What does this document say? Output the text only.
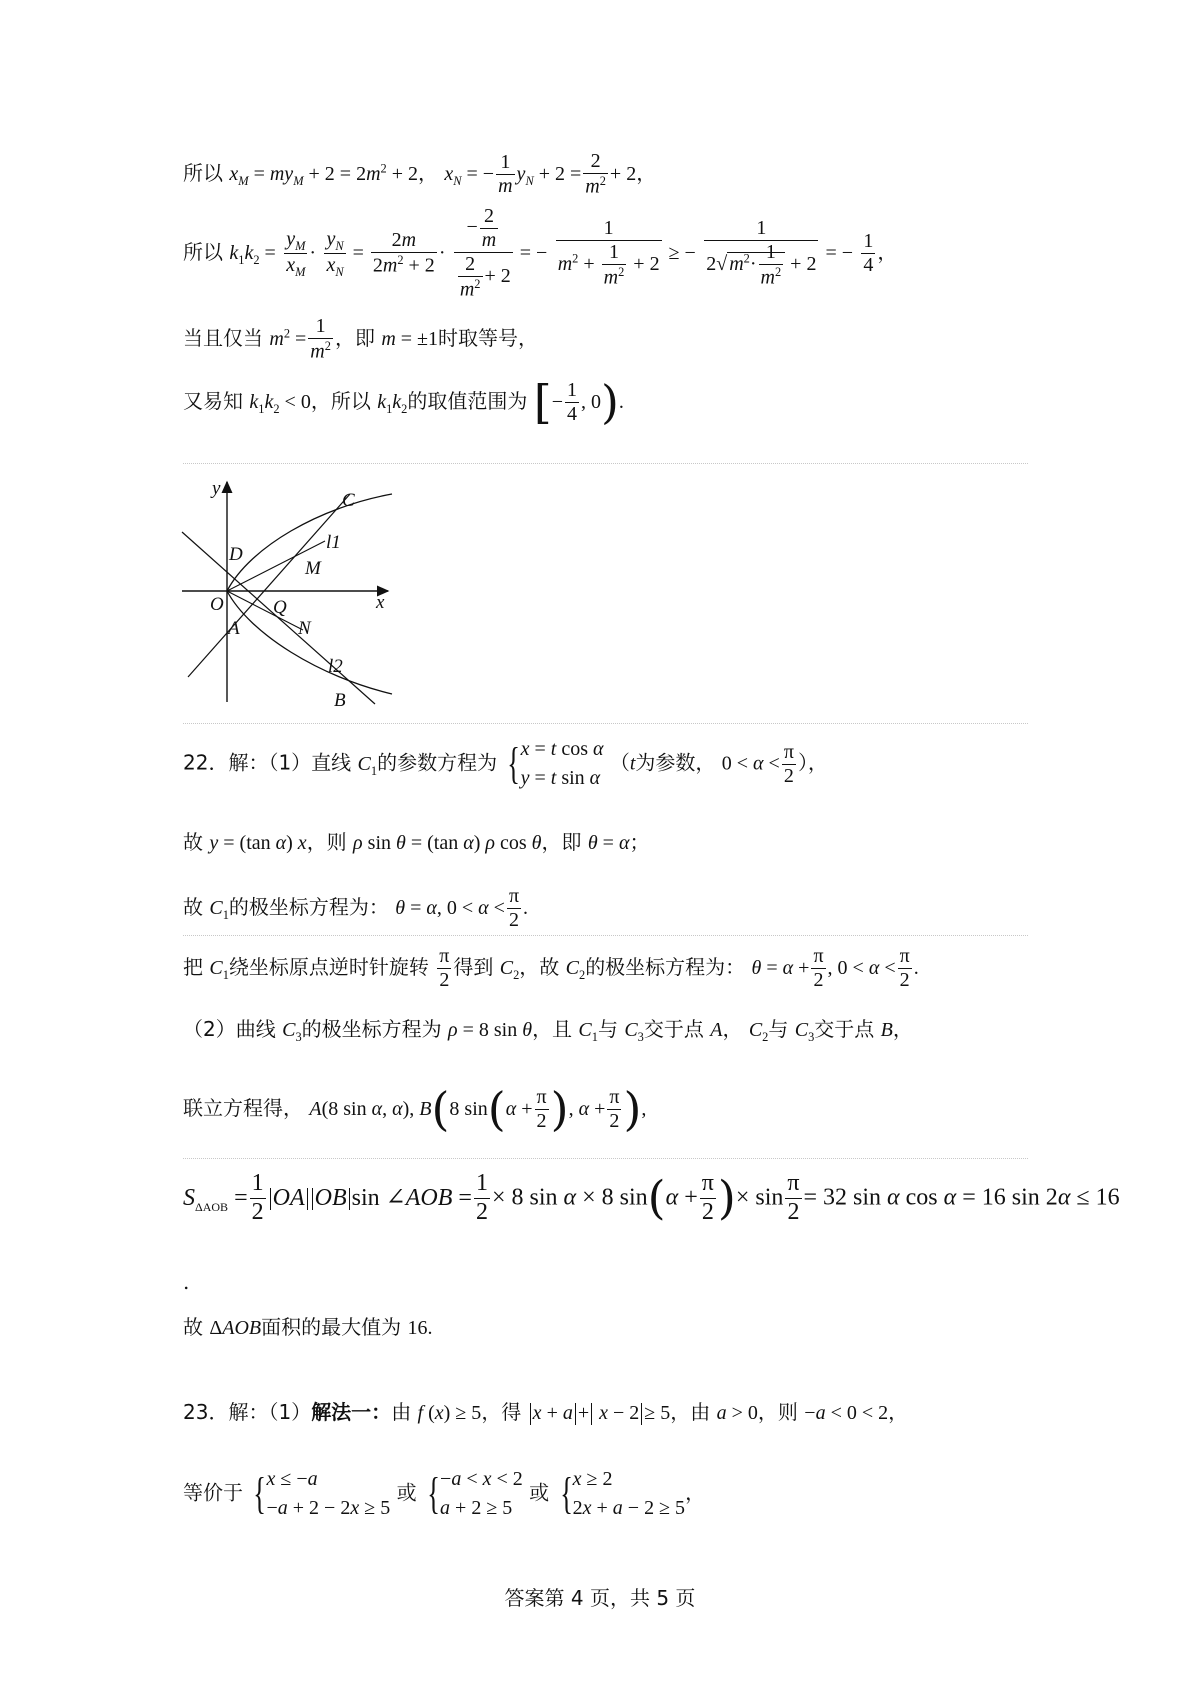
所以 $x_M = my_M + 2 = 2m^2 + 2$， $x_N$ = − $\frac{1}{m} y_N + 2 = \frac{2}{m^2} + 2$，
所以 $k_1k_2 = \frac{y_M}{x_M} \cdot \frac{y_N}{x_N} = \frac{2m}{2m^2 + 2} \cdot \frac{- \frac{2}{m}}{\frac{2}{m^2} + 2}$ = − $\frac{1}{m^2 + \frac{1}{m^2} + 2}$ ≥ − $\frac{1}{2√ m^2\cdot \frac{1}{m^2} + 2}$ = − $\frac{1}{4}$ ，
当且仅当 $m^2 = \frac{1}{m^2}$ ，即 m = ±1时取等号，
又易知 $k_1k_2 < 0$，所以 $k_1k_2$的取值范围为 [− $\frac{1}{4}$ , 0).
y
C
l1
D
M
O	Q	x
N
A
l2
B
22．解：（1）直线 $C_1$的参数方程为 {x = t cos α
y = t sin α （t为参数， $0 < \alpha < \frac{\pi}{2}$ ），
故 y = (tan α) x，则 ρ sin θ = (tan α) ρ cos θ，即 θ = α；
故 $C_1$的极坐标方程为： θ = α, $0 < \alpha < \frac{\pi}{2}$ .
把 $C_1$绕坐标原点逆时针旋转 $\frac{\pi}{2}$ 得到 $C_2$，故 $C_2$的极坐标方程为： $\theta = \alpha + \frac{\pi}{2}$ , $0 < \alpha < \frac{\pi}{2}$ .
（2）曲线 $C_3$的极坐标方程为 ρ = 8 sin θ，且 $C_1$与 $C_3$交于点 A， $C_2$与 $C_3$交于点 B，
联立方程得， A(8 sin α, α), B(8 $\sin(\alpha + \frac{\pi}{2}$ ), $\alpha + \frac{\pi}{2}$ ),
$S_{\Delta AOB} = \frac{1}{2}$ OA OB sin ∠AOB = $\frac{1}{2} \times 8$ sin α × 8 $\sin(\alpha + \frac{\pi}{2}$ )× $\sin \frac{\pi}{2} = 32$ sin α cos α = 16 sin 2α ≤ 16
.
故 ΔAOB面积的最大值为 16.
23．解：（1）解法一：由 f (x) ≥ 5，得 x + a + x − 2 ≥ 5，由 a > 0，则 −a < 0 < 2，
等价于 {x ≤ −a
−a + 2 − 2x ≥ 5 或 {−a < x < 2
a + 2 ≥ 5 或 {x ≥ 2
2x + a − 2 ≥ 5，
答案第 4 页，共 5 页
